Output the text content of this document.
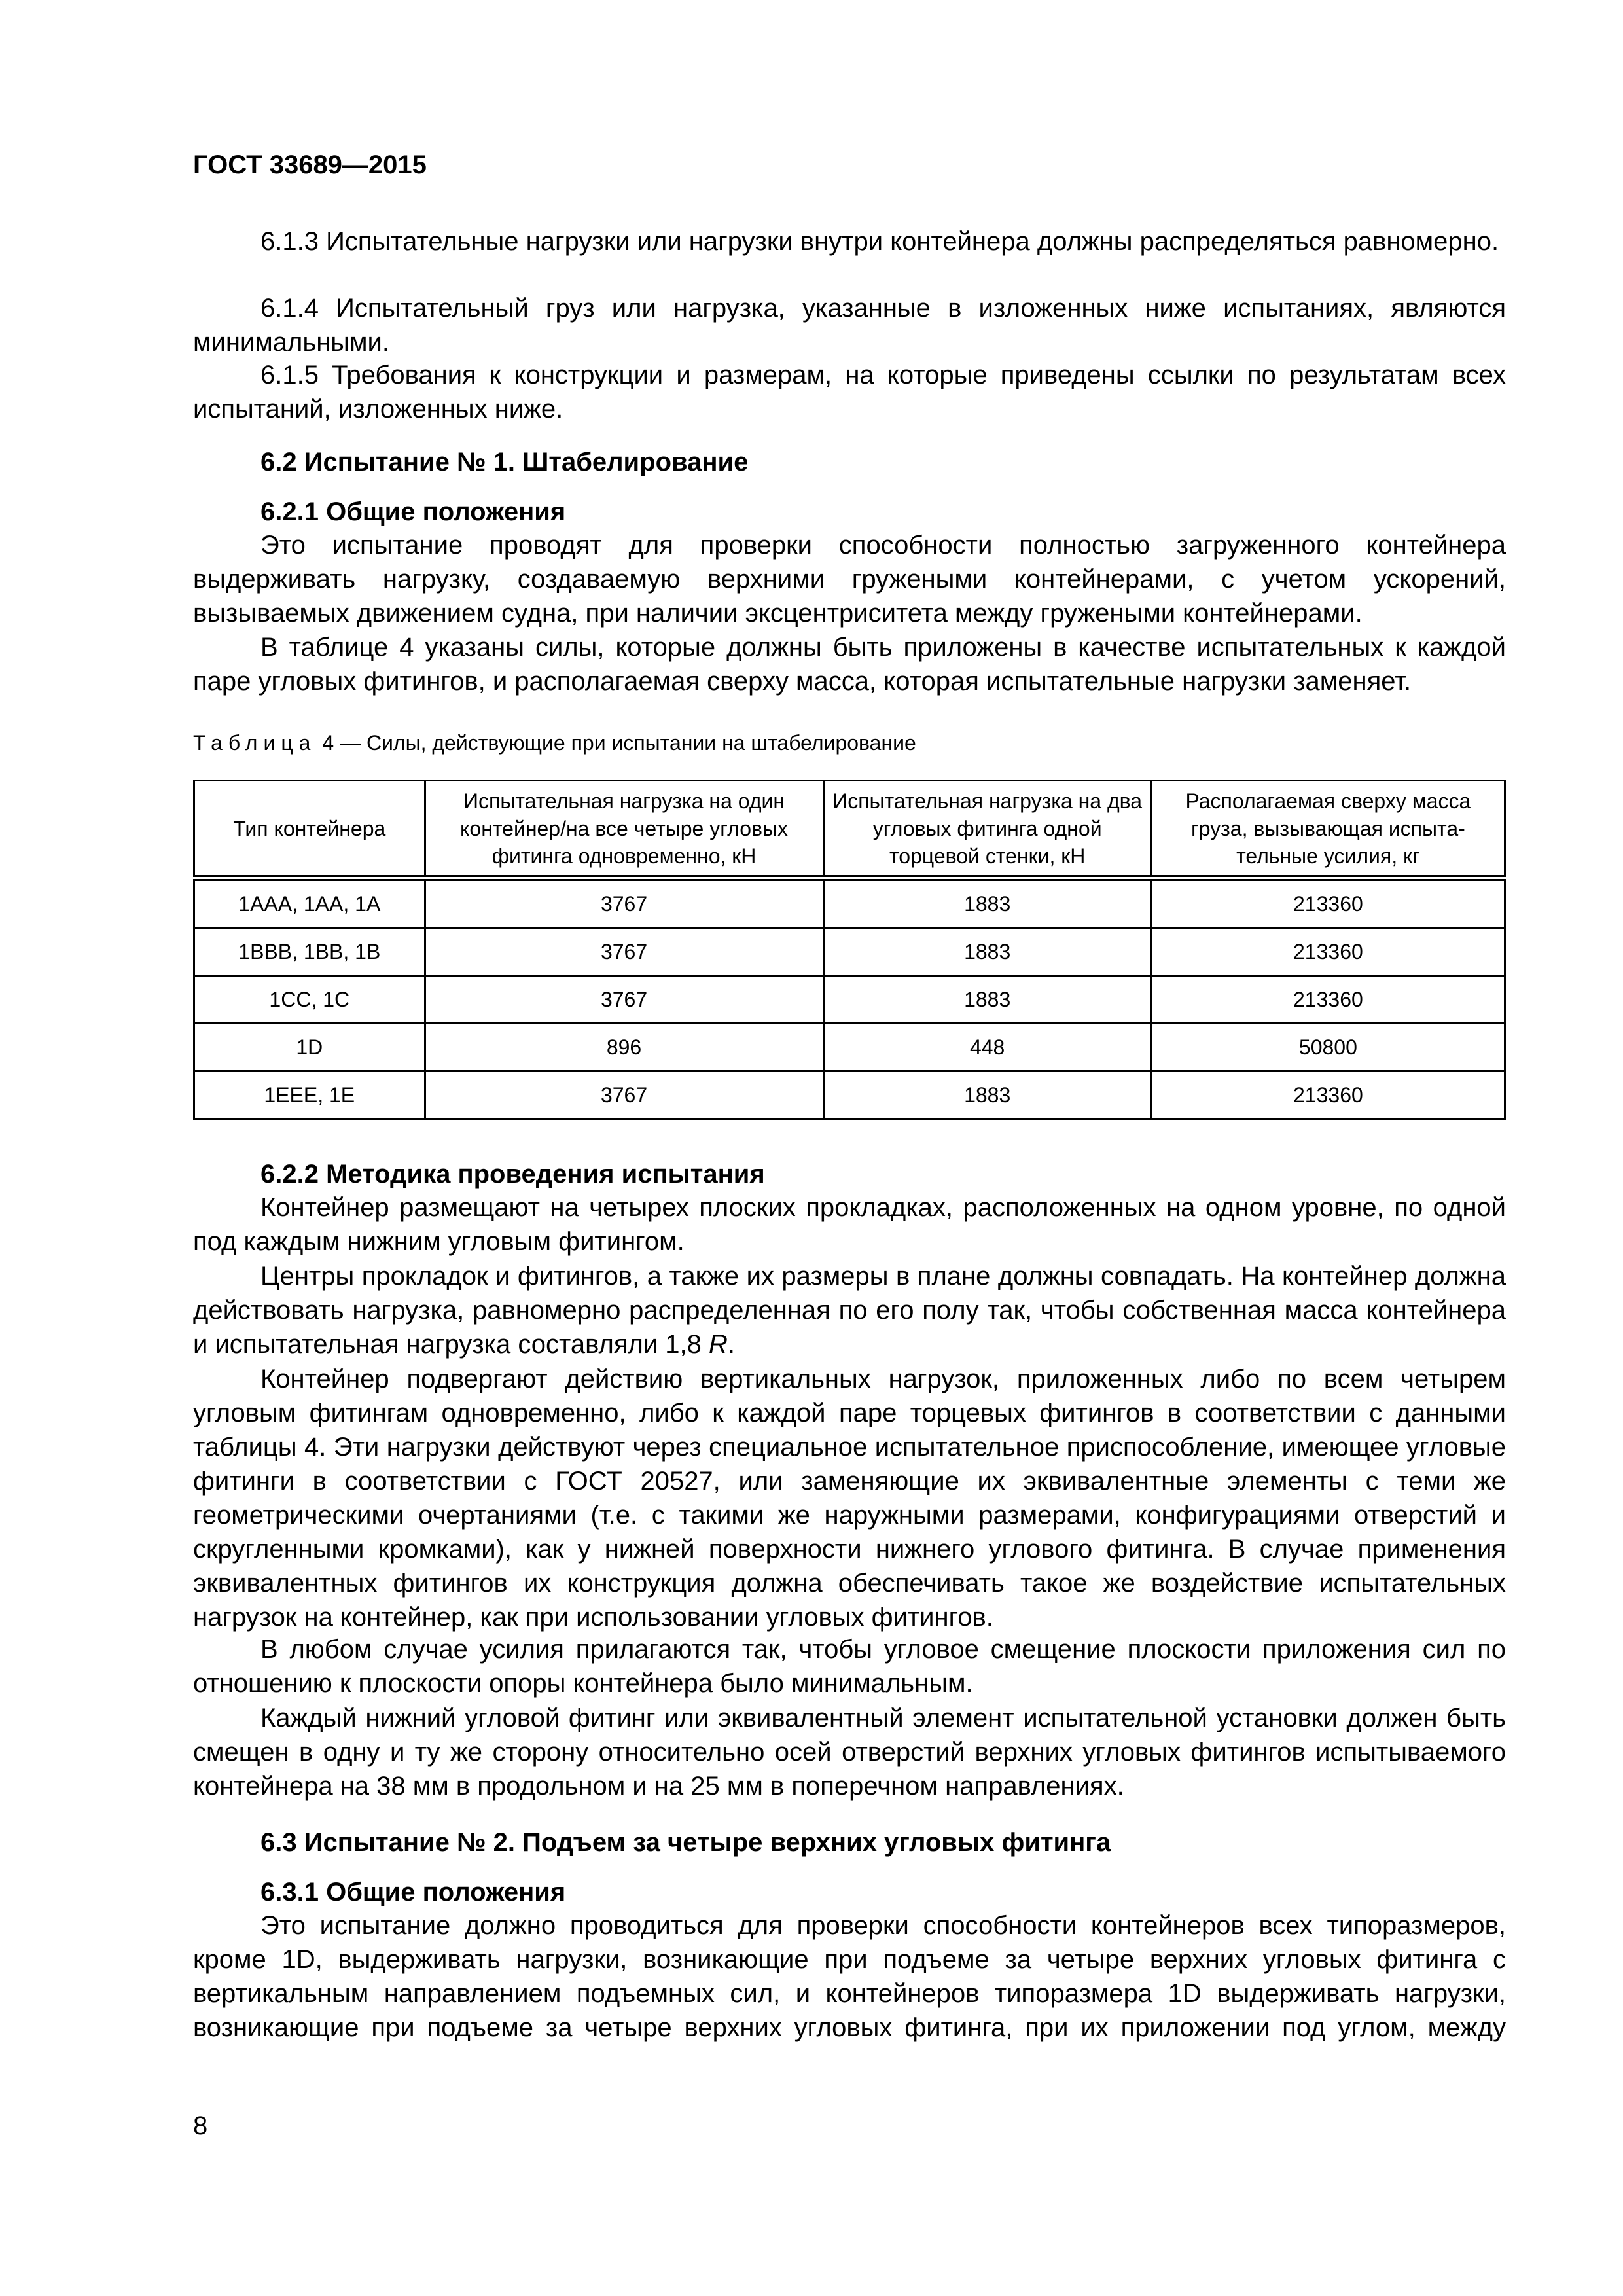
ГОСТ 33689—2015

6.1.3 Испытательные нагрузки или нагрузки внутри контейнера должны распределяться равномерно.

6.1.4 Испытательный груз или нагрузка, указанные в изложенных ниже испытаниях, являются минимальными.

6.1.5 Требования к конструкции и размерам, на которые приведены ссылки по результатам всех испытаний, изложенных ниже.

6.2 Испытание № 1. Штабелирование

6.2.1 Общие положения

Это испытание проводят для проверки способности полностью загруженного контейнера выдерживать нагрузку, создаваемую верхними гружеными контейнерами, с учетом ускорений, вызываемых движением судна, при наличии эксцентриситета между гружеными контейнерами.

В таблице 4 указаны силы, которые должны быть приложены в качестве испытательных к каждой паре угловых фитингов, и располагаемая сверху масса, которая испытательные нагрузки заменяет.

Таблица 4 — Силы, действующие при испытании на штабелирование
Тип контейнера	Испытательная нагрузка на один контейнер/на все четыре угловых фитинга одновременно, кН	Испытательная нагрузка на два угловых фитинга одной торцевой стенки, кН	Располагаемая сверху масса груза, вызывающая испыта-тельные усилия, кг
1AAA, 1AA, 1A	3767	1883	213360
1BBB, 1BB, 1B	3767	1883	213360
1CC, 1C	3767	1883	213360
1D	896	448	50800
1EEE, 1E	3767	1883	213360

6.2.2 Методика проведения испытания

Контейнер размещают на четырех плоских прокладках, расположенных на одном уровне, по одной под каждым нижним угловым фитингом.

Центры прокладок и фитингов, а также их размеры в плане должны совпадать. На контейнер должна действовать нагрузка, равномерно распределенная по его полу так, чтобы собственная масса контейнера и испытательная нагрузка составляли 1,8 R.

Контейнер подвергают действию вертикальных нагрузок, приложенных либо по всем четырем угловым фитингам одновременно, либо к каждой паре торцевых фитингов в соответствии с данными таблицы 4. Эти нагрузки действуют через специальное испытательное приспособление, имеющее угловые фитинги в соответствии с ГОСТ 20527, или заменяющие их эквивалентные элементы с теми же геометрическими очертаниями (т.е. с такими же наружными размерами, конфигурациями отверстий и скругленными кромками), как у нижней поверхности нижнего углового фитинга. В случае применения эквивалентных фитингов их конструкция должна обеспечивать такое же воздействие испытательных нагрузок на контейнер, как при использовании угловых фитингов.

В любом случае усилия прилагаются так, чтобы угловое смещение плоскости приложения сил по отношению к плоскости опоры контейнера было минимальным.

Каждый нижний угловой фитинг или эквивалентный элемент испытательной установки должен быть смещен в одну и ту же сторону относительно осей отверстий верхних угловых фитингов испытываемого контейнера на 38 мм в продольном и на 25 мм в поперечном направлениях.

6.3 Испытание № 2. Подъем за четыре верхних угловых фитинга

6.3.1 Общие положения

Это испытание должно проводиться для проверки способности контейнеров всех типоразмеров, кроме 1D, выдерживать нагрузки, возникающие при подъеме за четыре верхних угловых фитинга с вертикальным направлением подъемных сил, и контейнеров типоразмера 1D выдерживать нагрузки, возникающие при подъеме за четыре верхних угловых фитинга, при их приложении под углом, между

8
